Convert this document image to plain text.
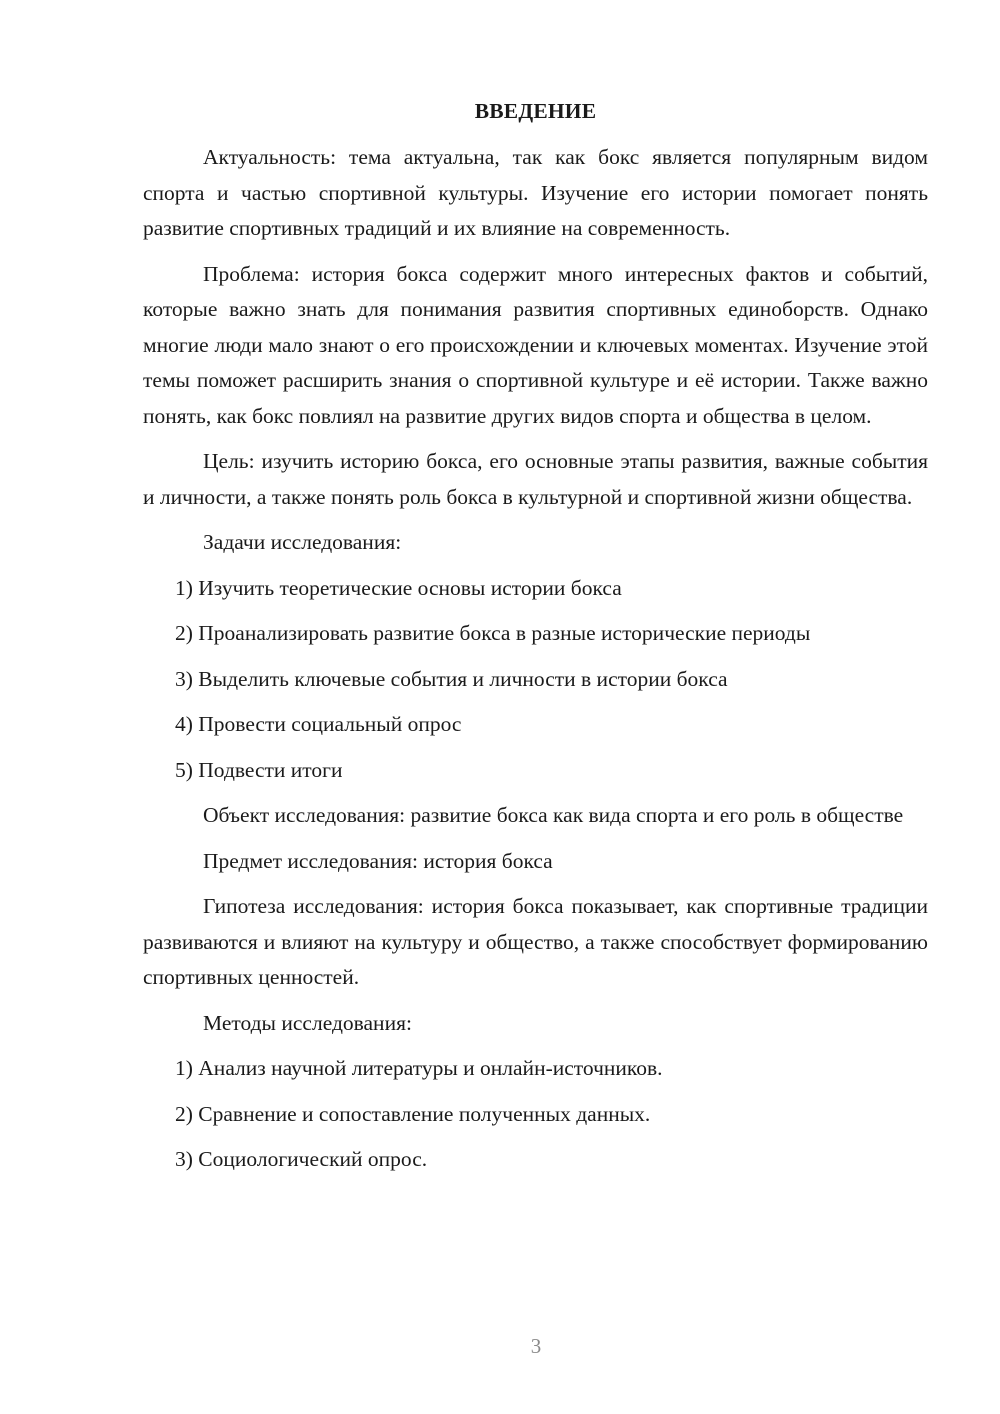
ВВЕДЕНИЕ

Актуальность: тема актуальна, так как бокс является популярным видом спорта и частью спортивной культуры. Изучение его истории помогает понять развитие спортивных традиций и их влияние на современность.

Проблема: история бокса содержит много интересных фактов и событий, которые важно знать для понимания развития спортивных единоборств. Однако многие люди мало знают о его происхождении и ключевых моментах. Изучение этой темы поможет расширить знания о спортивной культуре и её истории. Также важно понять, как бокс повлиял на развитие других видов спорта и общества в целом.

Цель: изучить историю бокса, его основные этапы развития, важные события и личности, а также понять роль бокса в культурной и спортивной жизни общества.

Задачи исследования:
1) Изучить теоретические основы истории бокса
2) Проанализировать развитие бокса в разные исторические периоды
3) Выделить ключевые события и личности в истории бокса
4) Провести социальный опрос
5) Подвести итоги

Объект исследования: развитие бокса как вида спорта и его роль в обществе

Предмет исследования: история бокса

Гипотеза исследования: история бокса показывает, как спортивные традиции развиваются и влияют на культуру и общество, а также способствует формированию спортивных ценностей.

Методы исследования:
1) Анализ научной литературы и онлайн-источников.
2) Сравнение и сопоставление полученных данных.
3) Социологический опрос.
3
